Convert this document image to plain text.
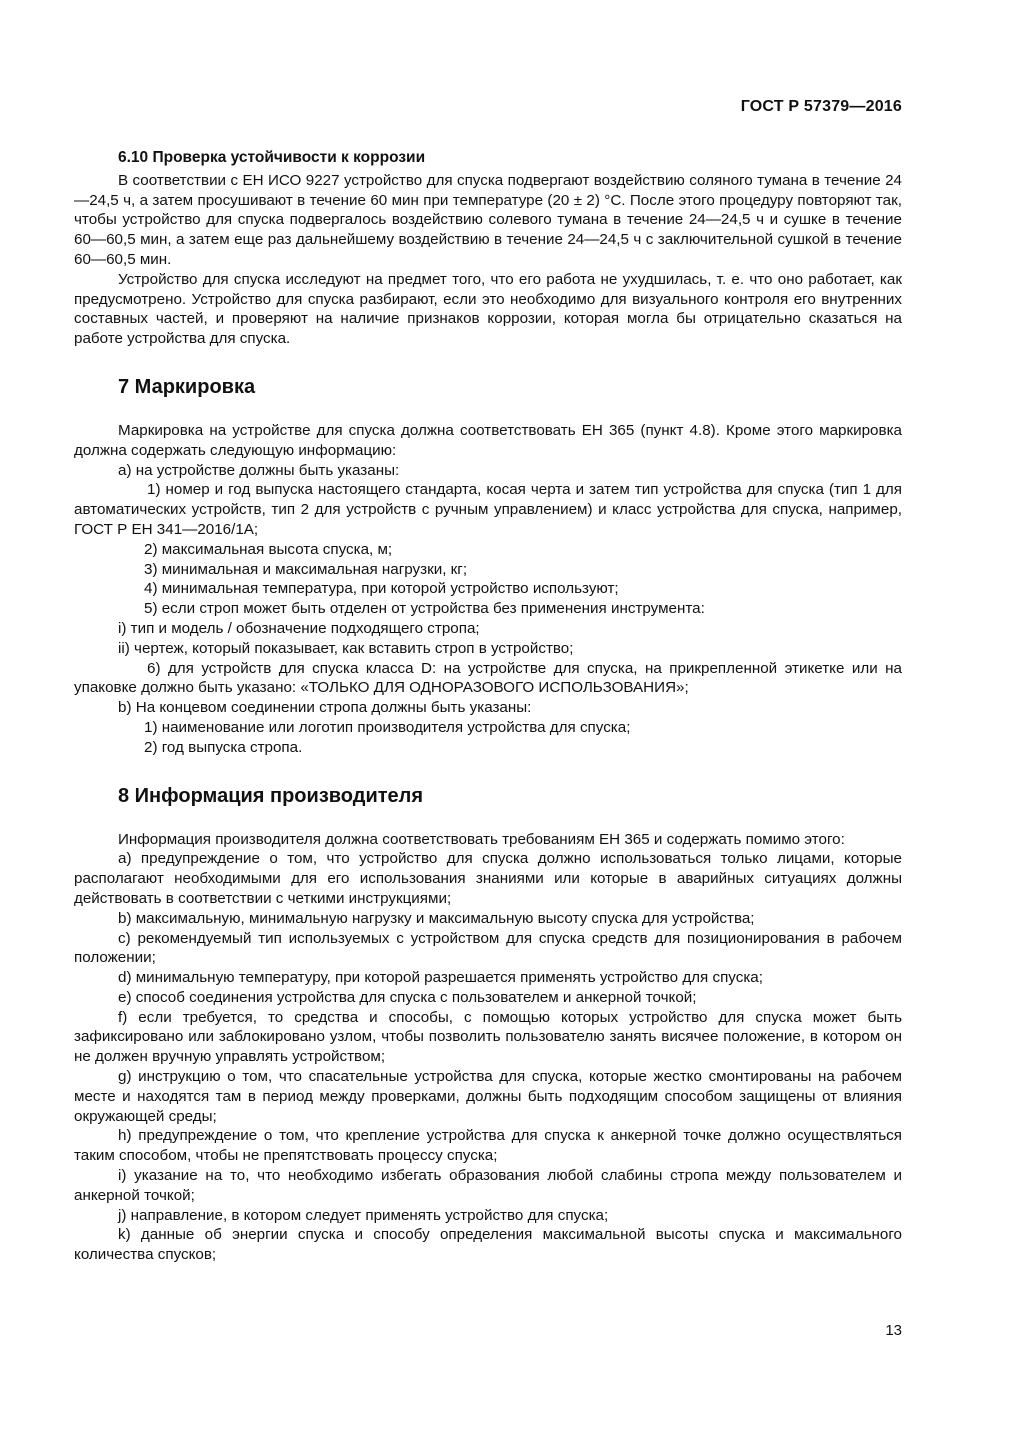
ГОСТ Р 57379—2016
6.10 Проверка устойчивости к коррозии

В соответствии с ЕН ИСО 9227 устройство для спуска подвергают воздействию соляного тумана в течение 24—24,5 ч, а затем просушивают в течение 60 мин при температуре (20 ± 2) °С. После этого процедуру повторяют так, чтобы устройство для спуска подвергалось воздействию солевого тумана в течение 24—24,5 ч и сушке в течение 60—60,5 мин, а затем еще раз дальнейшему воздействию в течение 24—24,5 ч с заключительной сушкой в течение 60—60,5 мин.

Устройство для спуска исследуют на предмет того, что его работа не ухудшилась, т. е. что оно работает, как предусмотрено. Устройство для спуска разбирают, если это необходимо для визуального контроля его внутренних составных частей, и проверяют на наличие признаков коррозии, которая могла бы отрицательно сказаться на работе устройства для спуска.

7 Маркировка

Маркировка на устройстве для спуска должна соответствовать ЕН 365 (пункт 4.8). Кроме этого маркировка должна содержать следующую информацию:

а) на устройстве должны быть указаны:

1) номер и год выпуска настоящего стандарта, косая черта и затем тип устройства для спуска (тип 1 для автоматических устройств, тип 2 для устройств с ручным управлением) и класс устройства для спуска, например, ГОСТ Р ЕН 341—2016/1А;

2) максимальная высота спуска, м;

3) минимальная и максимальная нагрузки, кг;

4) минимальная температура, при которой устройство используют;

5) если строп может быть отделен от устройства без применения инструмента:

i) тип и модель / обозначение подходящего стропа;

ii) чертеж, который показывает, как вставить строп в устройство;

6) для устройств для спуска класса D: на устройстве для спуска, на прикрепленной этикетке или на упаковке должно быть указано: «ТОЛЬКО ДЛЯ ОДНОРАЗОВОГО ИСПОЛЬЗОВАНИЯ»;

b) На концевом соединении стропа должны быть указаны:

1) наименование или логотип производителя устройства для спуска;

2) год выпуска стропа.

8 Информация производителя

Информация производителя должна соответствовать требованиям ЕН 365 и содержать помимо этого:

а) предупреждение о том, что устройство для спуска должно использоваться только лицами, которые располагают необходимыми для его использования знаниями или которые в аварийных ситуациях должны действовать в соответствии с четкими инструкциями;

b) максимальную, минимальную нагрузку и максимальную высоту спуска для устройства;

с) рекомендуемый тип используемых с устройством для спуска средств для позиционирования в рабочем положении;

d) минимальную температуру, при которой разрешается применять устройство для спуска;

е) способ соединения устройства для спуска с пользователем и анкерной точкой;

f) если требуется, то средства и способы, с помощью которых устройство для спуска может быть зафиксировано или заблокировано узлом, чтобы позволить пользователю занять висячее положение, в котором он не должен вручную управлять устройством;

g) инструкцию о том, что спасательные устройства для спуска, которые жестко смонтированы на рабочем месте и находятся там в период между проверками, должны быть подходящим способом защищены от влияния окружающей среды;

h) предупреждение о том, что крепление устройства для спуска к анкерной точке должно осуществляться таким способом, чтобы не препятствовать процессу спуска;

i) указание на то, что необходимо избегать образования любой слабины стропа между пользователем и анкерной точкой;

j) направление, в котором следует применять устройство для спуска;

k) данные об энергии спуска и способу определения максимальной высоты спуска и максимального количества спусков;

13
